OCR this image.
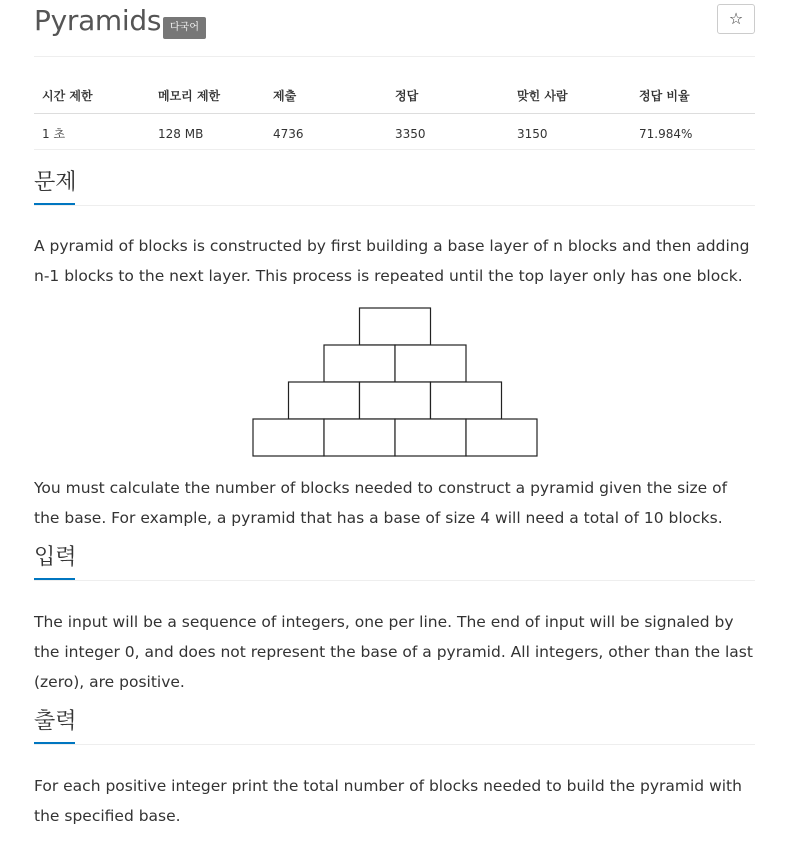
Pyramids 다국어	☆
시간 제한	메모리 제한	제출	정답	맞힌 사람	정답 비율
1 초	128 MB	4736	3350	3150	71.984%
문제
A pyramid of blocks is constructed by first building a base layer of n blocks and then adding n-1 blocks to the next layer. This process is repeated until the top layer only has one block.
You must calculate the number of blocks needed to construct a pyramid given the size of the base. For example, a pyramid that has a base of size 4 will need a total of 10 blocks.
입력
The input will be a sequence of integers, one per line. The end of input will be signaled by the integer 0, and does not represent the base of a pyramid. All integers, other than the last (zero), are positive.
출력
For each positive integer print the total number of blocks needed to build the pyramid with the specified base.
